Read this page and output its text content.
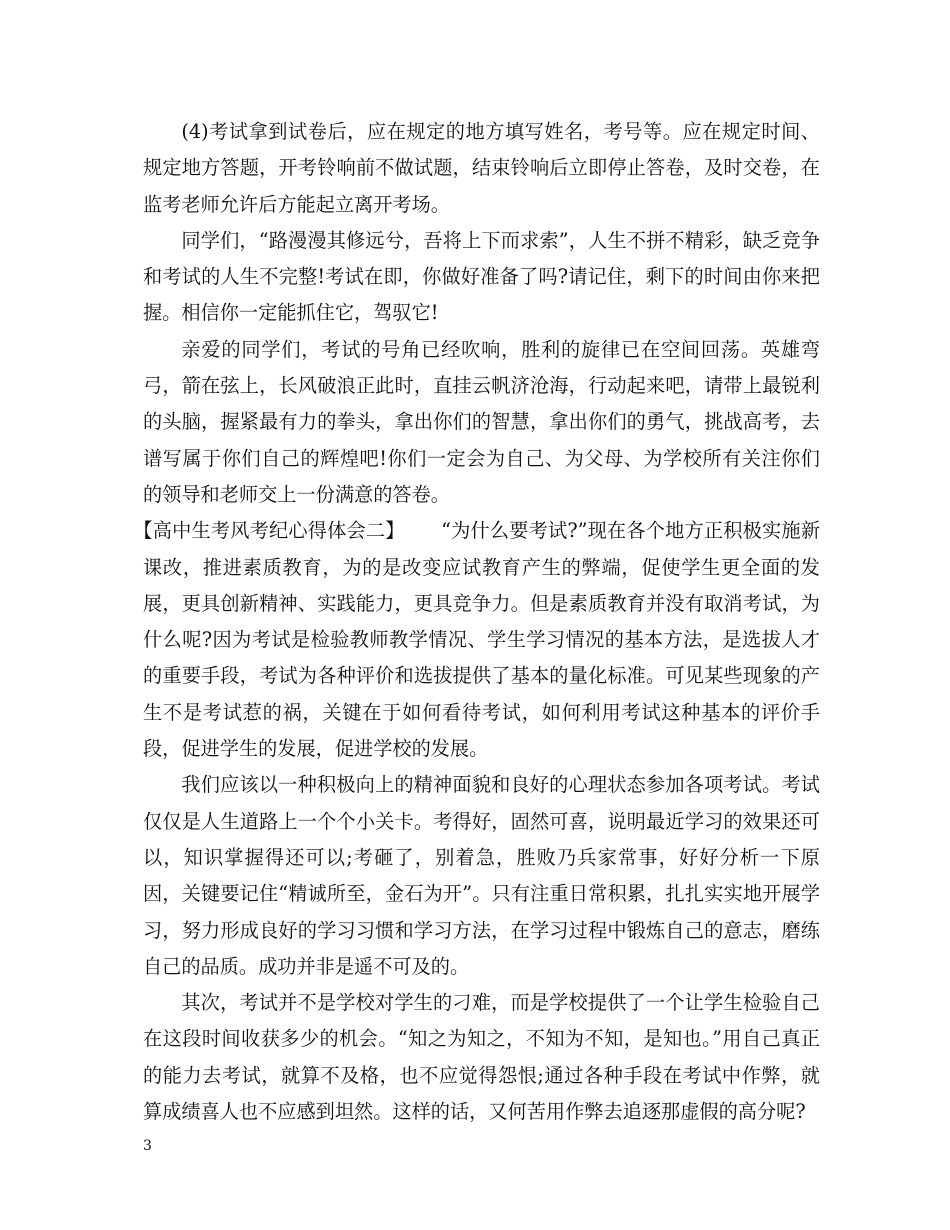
(4)考试拿到试卷后，应在规定的地方填写姓名，考号等。应在规定时间、规定地方答题，开考铃响前不做试题，结束铃响后立即停止答卷，及时交卷，在监考老师允许后方能起立离开考场。

同学们，“路漫漫其修远兮，吾将上下而求索”，人生不拼不精彩，缺乏竞争和考试的人生不完整!考试在即，你做好准备了吗?请记住，剩下的时间由你来把握。相信你一定能抓住它，驾驭它!

亲爱的同学们，考试的号角已经吹响，胜利的旋律已在空间回荡。英雄弯弓，箭在弦上，长风破浪正此时，直挂云帆济沧海，行动起来吧，请带上最锐利的头脑，握紧最有力的拳头，拿出你们的智慧，拿出你们的勇气，挑战高考，去谱写属于你们自己的辉煌吧!你们一定会为自己、为父母、为学校所有关注你们的领导和老师交上一份满意的答卷。

【高中生考风考纪心得体会二】 “为什么要考试?”现在各个地方正积极实施新课改，推进素质教育，为的是改变应试教育产生的弊端，促使学生更全面的发展，更具创新精神、实践能力，更具竞争力。但是素质教育并没有取消考试，为什么呢?因为考试是检验教师教学情况、学生学习情况的基本方法，是选拔人才的重要手段，考试为各种评价和选拔提供了基本的量化标准。可见某些现象的产生不是考试惹的祸，关键在于如何看待考试，如何利用考试这种基本的评价手段，促进学生的发展，促进学校的发展。

我们应该以一种积极向上的精神面貌和良好的心理状态参加各项考试。考试仅仅是人生道路上一个个小关卡。考得好，固然可喜，说明最近学习的效果还可以，知识掌握得还可以;考砸了，别着急，胜败乃兵家常事，好好分析一下原因，关键要记住“精诚所至，金石为开”。只有注重日常积累，扎扎实实地开展学习，努力形成良好的学习习惯和学习方法，在学习过程中锻炼自己的意志，磨练自己的品质。成功并非是遥不可及的。

其次，考试并不是学校对学生的刁难，而是学校提供了一个让学生检验自己在这段时间收获多少的机会。“知之为知之，不知为不知，是知也。”用自己真正的能力去考试，就算不及格，也不应觉得怨恨;通过各种手段在考试中作弊，就算成绩喜人也不应感到坦然。这样的话，又何苦用作弊去追逐那虚假的高分呢?

3
